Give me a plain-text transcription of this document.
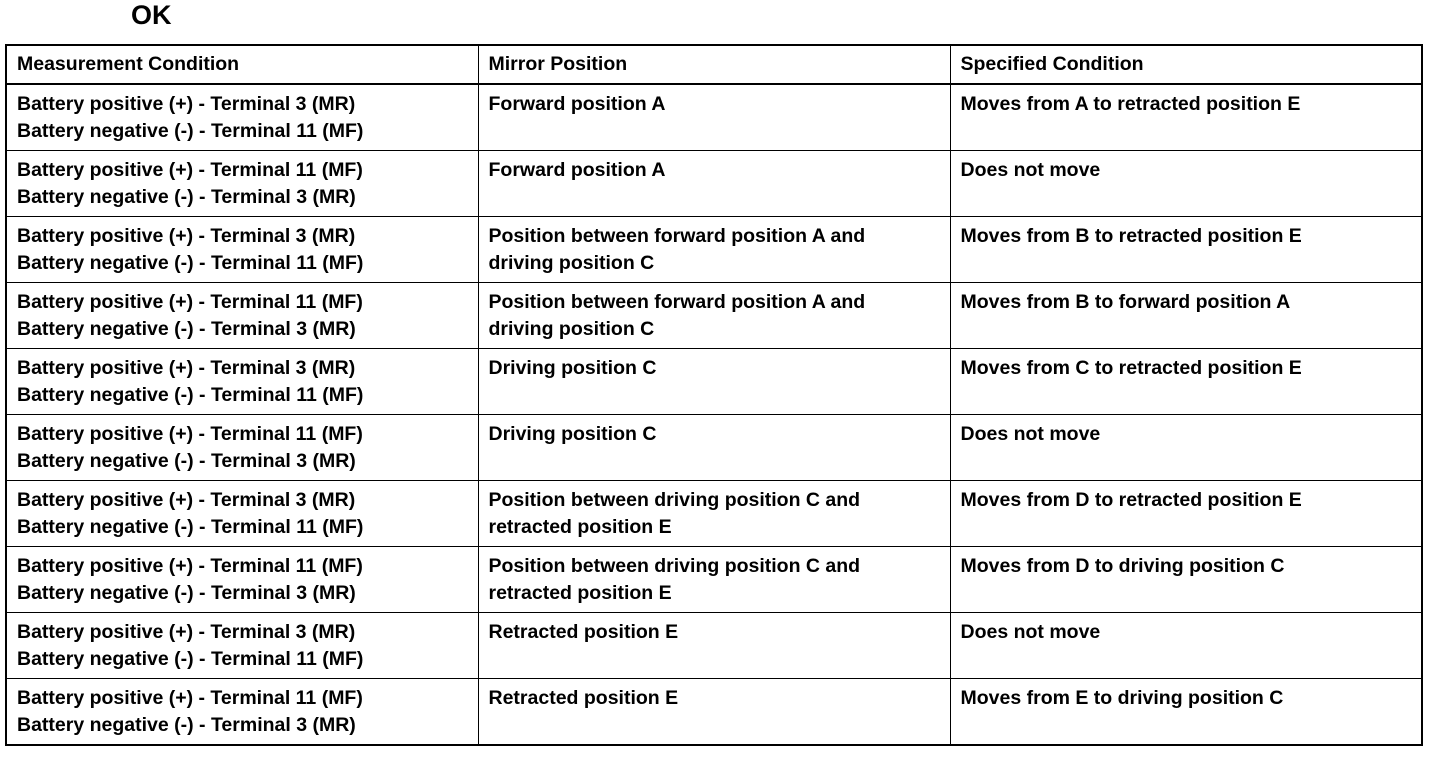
OK
Measurement Condition	Mirror Position	Specified Condition

Battery positive (+) - Terminal 3 (MR)
Battery negative (-) - Terminal 11 (MF)	Forward position A	Moves from A to retracted position E

Battery positive (+) - Terminal 11 (MF)
Battery negative (-) - Terminal 3 (MR)	Forward position A	Does not move

Battery positive (+) - Terminal 3 (MR)
Battery negative (-) - Terminal 11 (MF)	Position between forward position A and
driving position C	Moves from B to retracted position E

Battery positive (+) - Terminal 11 (MF)
Battery negative (-) - Terminal 3 (MR)	Position between forward position A and
driving position C	Moves from B to forward position A

Battery positive (+) - Terminal 3 (MR)
Battery negative (-) - Terminal 11 (MF)	Driving position C	Moves from C to retracted position E

Battery positive (+) - Terminal 11 (MF)
Battery negative (-) - Terminal 3 (MR)	Driving position C	Does not move

Battery positive (+) - Terminal 3 (MR)
Battery negative (-) - Terminal 11 (MF)	Position between driving position C and
retracted position E	Moves from D to retracted position E

Battery positive (+) - Terminal 11 (MF)
Battery negative (-) - Terminal 3 (MR)	Position between driving position C and
retracted position E	Moves from D to driving position C

Battery positive (+) - Terminal 3 (MR)
Battery negative (-) - Terminal 11 (MF)	Retracted position E	Does not move

Battery positive (+) - Terminal 11 (MF)
Battery negative (-) - Terminal 3 (MR)	Retracted position E	Moves from E to driving position C
